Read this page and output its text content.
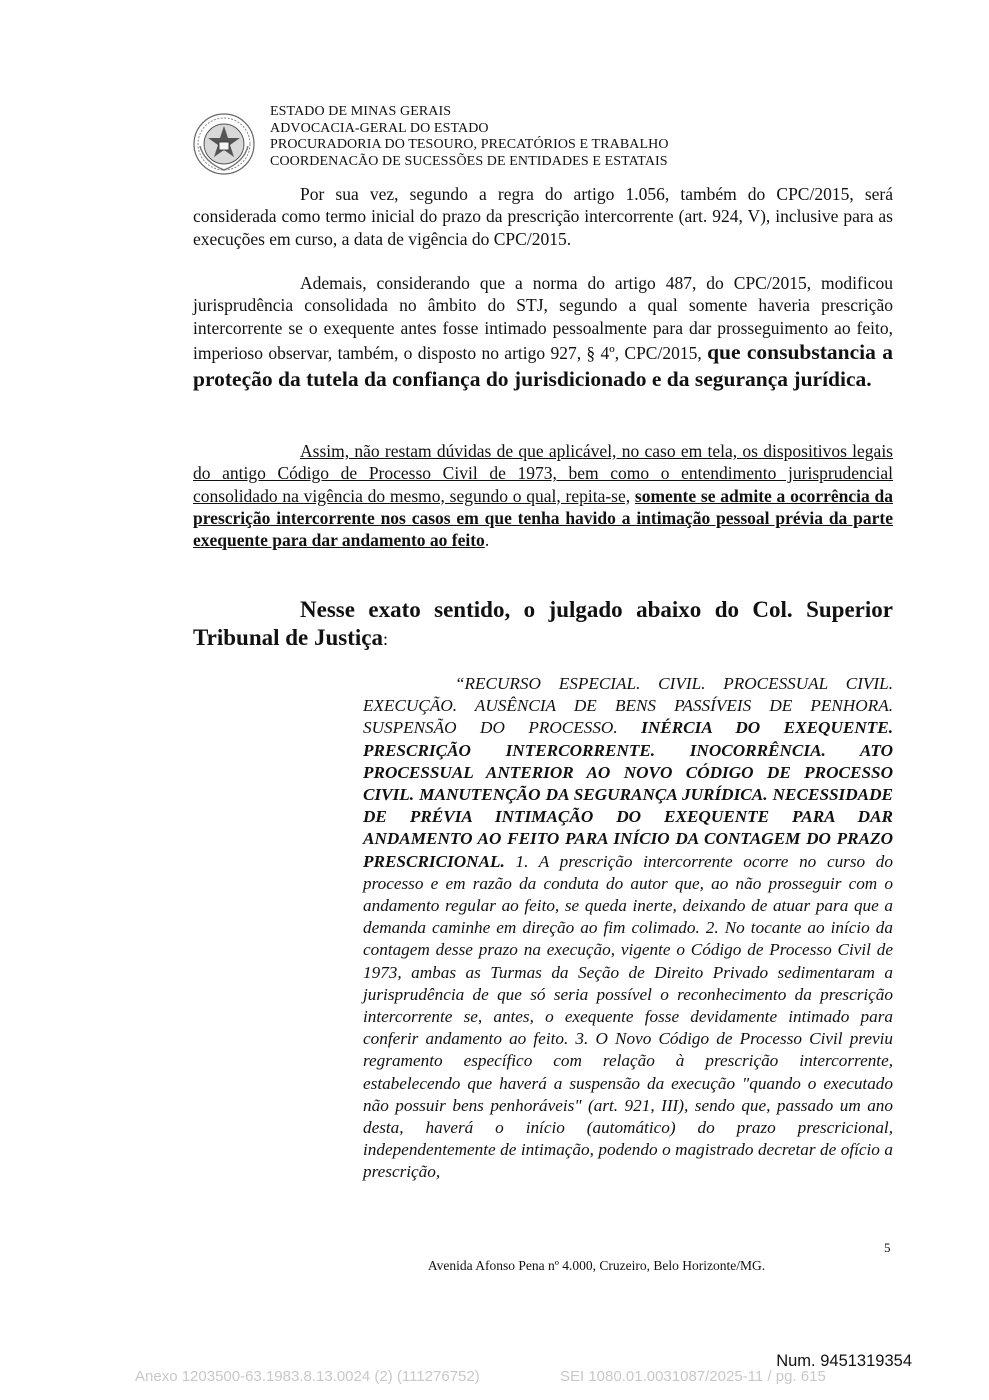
ESTADO DE MINAS GERAIS
ADVOCACIA-GERAL DO ESTADO
PROCURADORIA DO TESOURO, PRECATÓRIOS E TRABALHO
COORDENACÃO DE SUCESSÕES DE ENTIDADES E ESTATAIS
Por sua vez, segundo a regra do artigo 1.056, também do CPC/2015, será considerada como termo inicial do prazo da prescrição intercorrente (art. 924, V), inclusive para as execuções em curso, a data de vigência do CPC/2015.
Ademais, considerando que a norma do artigo 487, do CPC/2015, modificou jurisprudência consolidada no âmbito do STJ, segundo a qual somente haveria prescrição intercorrente se o exequente antes fosse intimado pessoalmente para dar prosseguimento ao feito, imperioso observar, também, o disposto no artigo 927, § 4º, CPC/2015, que consubstancia a proteção da tutela da confiança do jurisdicionado e da segurança jurídica.
Assim, não restam dúvidas de que aplicável, no caso em tela, os dispositivos legais do antigo Código de Processo Civil de 1973, bem como o entendimento jurisprudencial consolidado na vigência do mesmo, segundo o qual, repita-se, somente se admite a ocorrência da prescrição intercorrente nos casos em que tenha havido a intimação pessoal prévia da parte exequente para dar andamento ao feito.
Nesse exato sentido, o julgado abaixo do Col. Superior Tribunal de Justiça:
“RECURSO ESPECIAL. CIVIL. PROCESSUAL CIVIL. EXECUÇÃO. AUSÊNCIA DE BENS PASSÍVEIS DE PENHORA. SUSPENSÃO DO PROCESSO. INÉRCIA DO EXEQUENTE. PRESCRIÇÃO INTERCORRENTE. INOCORRÊNCIA. ATO PROCESSUAL ANTERIOR AO NOVO CÓDIGO DE PROCESSO CIVIL. MANUTENÇÃO DA SEGURANÇA JURÍDICA. NECESSIDADE DE PRÉVIA INTIMAÇÃO DO EXEQUENTE PARA DAR ANDAMENTO AO FEITO PARA INÍCIO DA CONTAGEM DO PRAZO PRESCRICIONAL. 1. A prescrição intercorrente ocorre no curso do processo e em razão da conduta do autor que, ao não prosseguir com o andamento regular ao feito, se queda inerte, deixando de atuar para que a demanda caminhe em direção ao fim colimado. 2. No tocante ao início da contagem desse prazo na execução, vigente o Código de Processo Civil de 1973, ambas as Turmas da Seção de Direito Privado sedimentaram a jurisprudência de que só seria possível o reconhecimento da prescrição intercorrente se, antes, o exequente fosse devidamente intimado para conferir andamento ao feito. 3. O Novo Código de Processo Civil previu regramento específico com relação à prescrição intercorrente, estabelecendo que haverá a suspensão da execução "quando o executado não possuir bens penhoráveis" (art. 921, III), sendo que, passado um ano desta, haverá o início (automático) do prazo prescricional, independentemente de intimação, podendo o magistrado decretar de ofício a prescrição,
5
Avenida Afonso Pena nº 4.000, Cruzeiro, Belo Horizonte/MG.
Num. 9451319354
Anexo 1203500-63.1983.8.13.0024 (2) (111276752)	SEI 1080.01.0031087/2025-11 / pg. 615
